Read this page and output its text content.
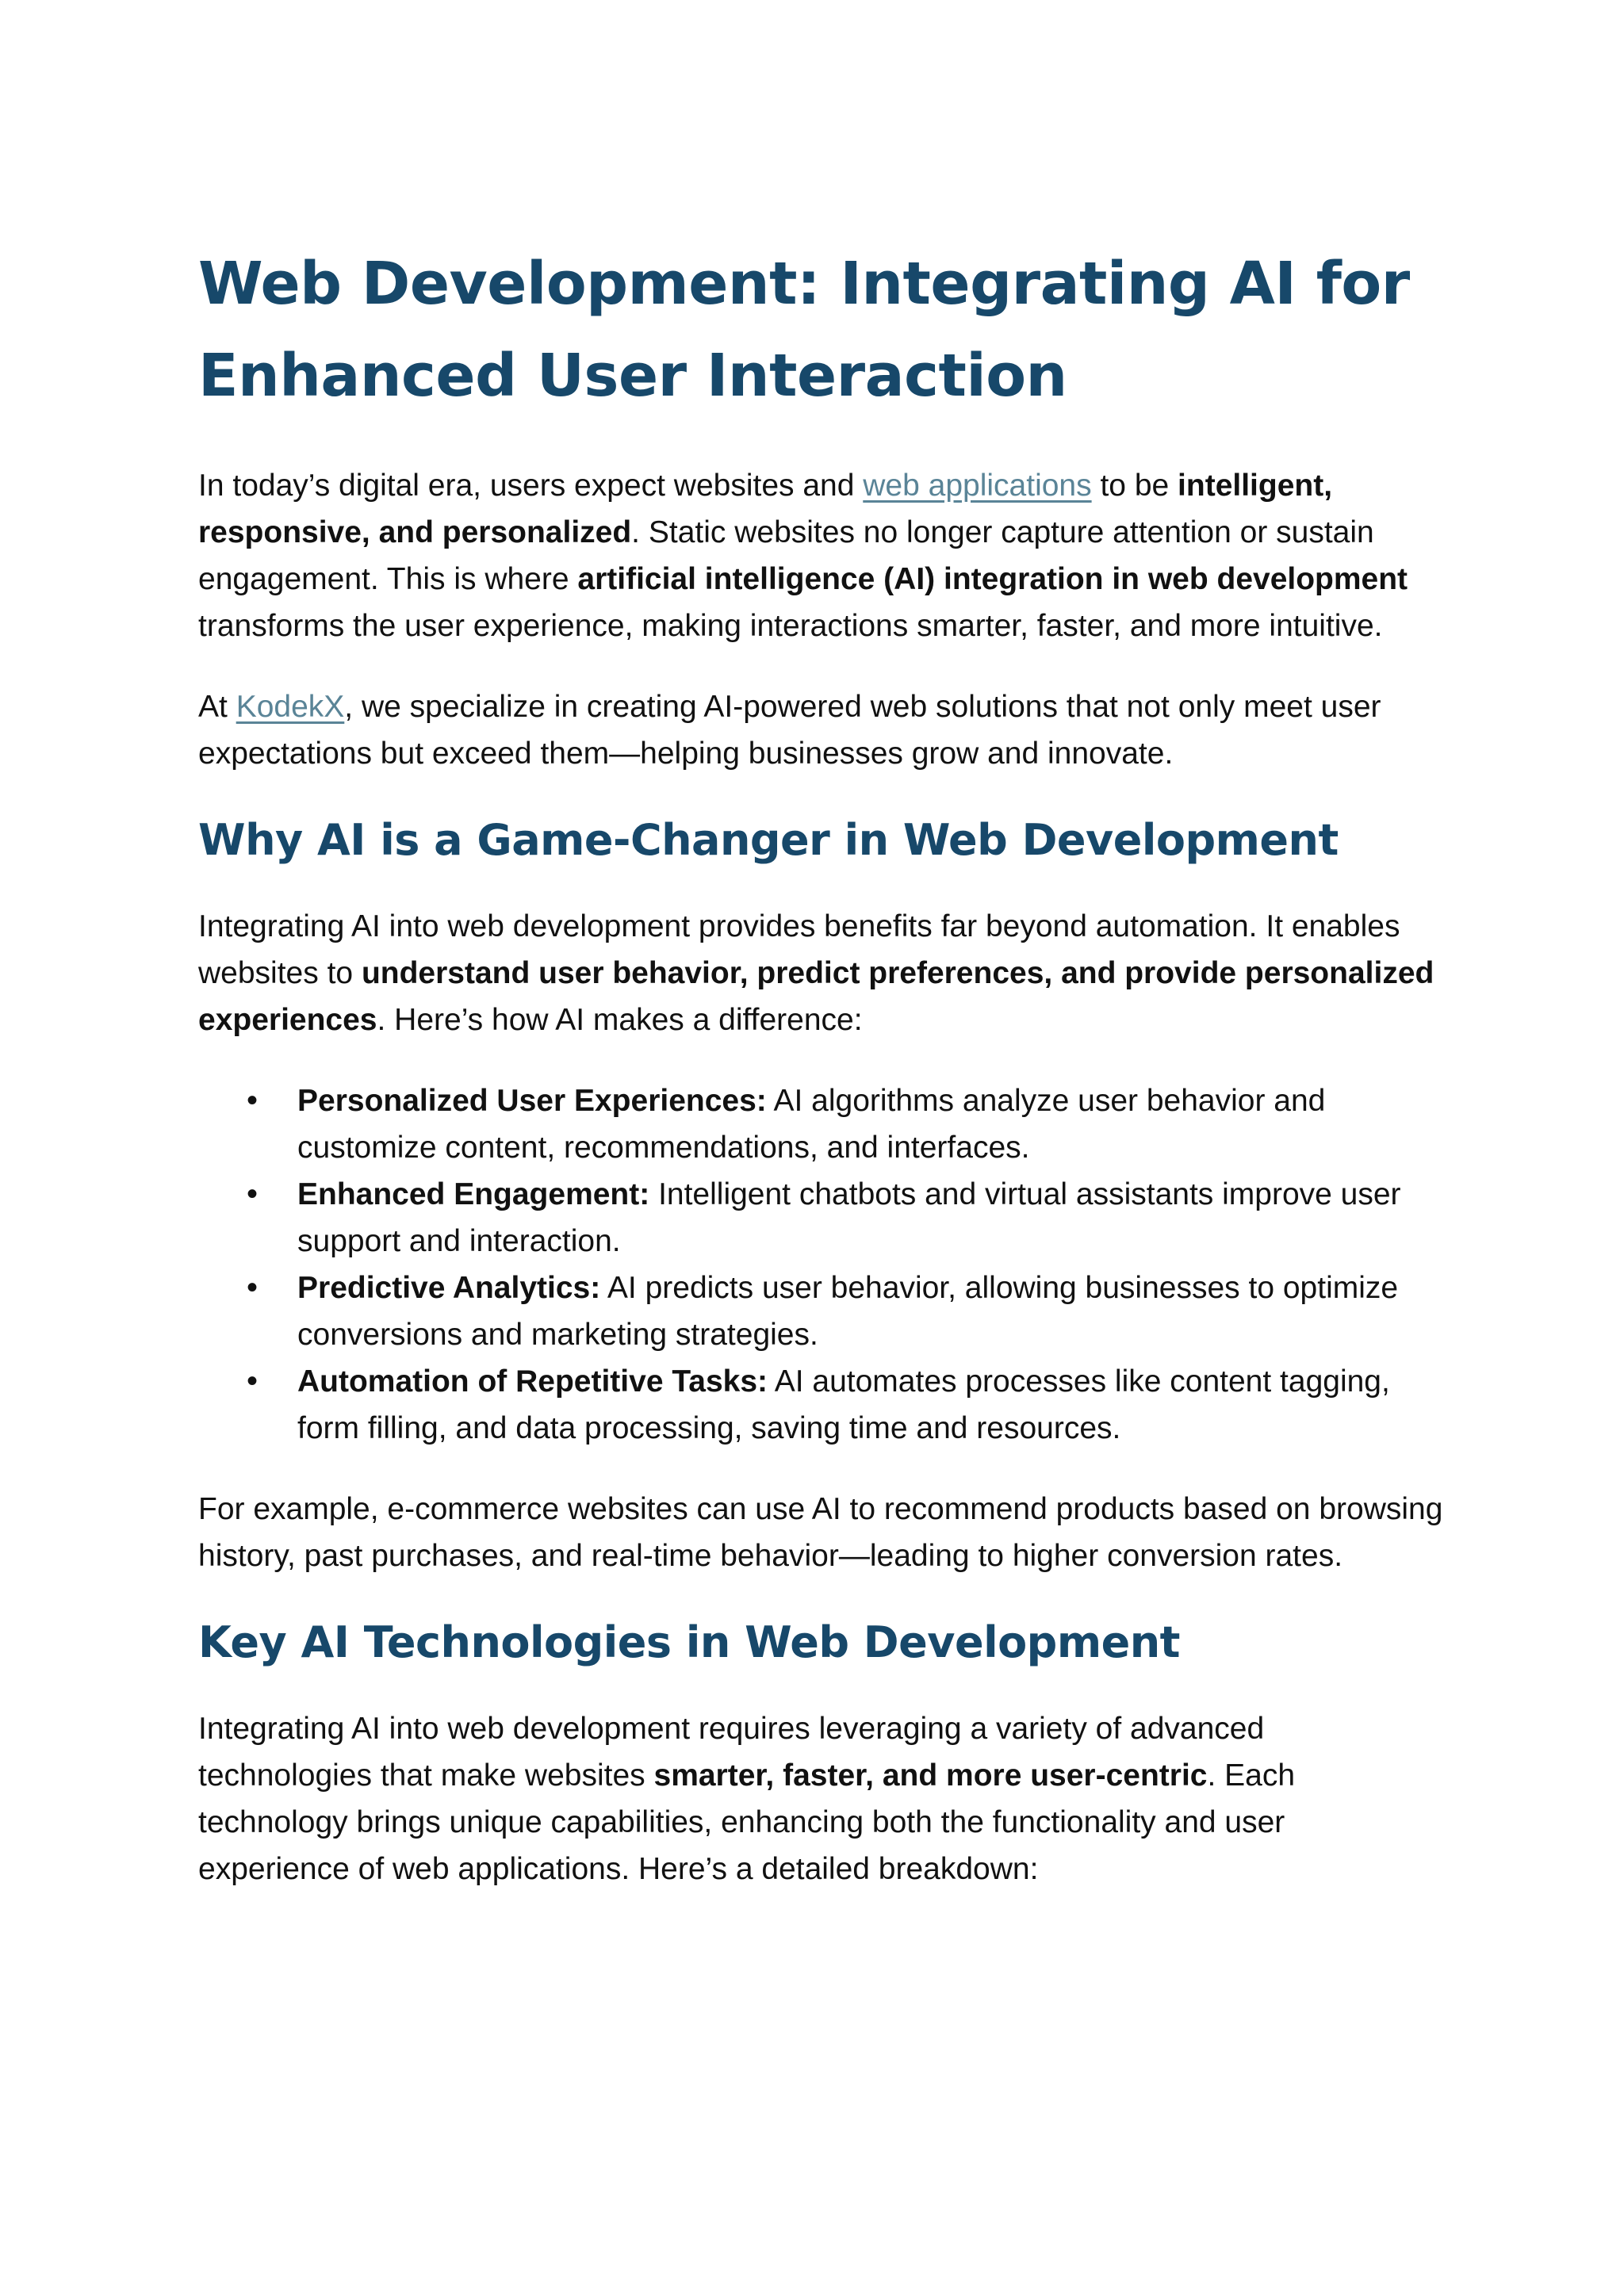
Web Development: Integrating AI for Enhanced User Interaction

In today’s digital era, users expect websites and web applications to be intelligent, responsive, and personalized. Static websites no longer capture attention or sustain engagement. This is where artificial intelligence (AI) integration in web development transforms the user experience, making interactions smarter, faster, and more intuitive.

At KodekX, we specialize in creating AI-powered web solutions that not only meet user expectations but exceed them—helping businesses grow and innovate.

Why AI is a Game-Changer in Web Development

Integrating AI into web development provides benefits far beyond automation. It enables websites to understand user behavior, predict preferences, and provide personalized experiences. Here’s how AI makes a difference:

• Personalized User Experiences: AI algorithms analyze user behavior and customize content, recommendations, and interfaces.
• Enhanced Engagement: Intelligent chatbots and virtual assistants improve user support and interaction.
• Predictive Analytics: AI predicts user behavior, allowing businesses to optimize conversions and marketing strategies.
• Automation of Repetitive Tasks: AI automates processes like content tagging, form filling, and data processing, saving time and resources.

For example, e-commerce websites can use AI to recommend products based on browsing history, past purchases, and real-time behavior—leading to higher conversion rates.

Key AI Technologies in Web Development

Integrating AI into web development requires leveraging a variety of advanced technologies that make websites smarter, faster, and more user-centric. Each technology brings unique capabilities, enhancing both the functionality and user experience of web applications. Here’s a detailed breakdown:
